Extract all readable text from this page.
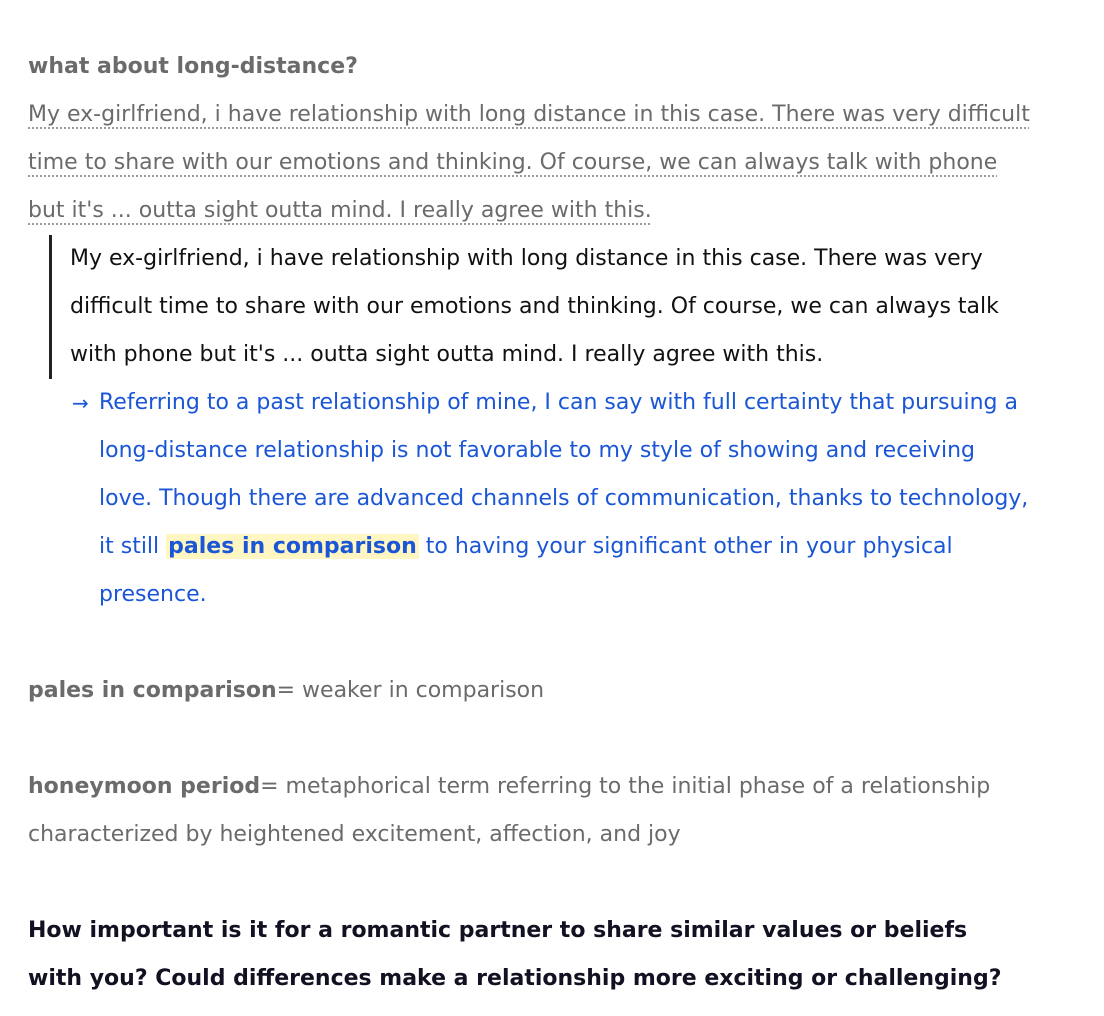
what about long-distance?

My ex-girlfriend, i have relationship with long distance in this case. There was very difficult time to share with our emotions and thinking. Of course, we can always talk with phone but it's ... outta sight outta mind. I really agree with this.

My ex-girlfriend, i have relationship with long distance in this case. There was very difficult time to share with our emotions and thinking. Of course, we can always talk with phone but it's ... outta sight outta mind. I really agree with this.
→ Referring to a past relationship of mine, I can say with full certainty that pursuing a long-distance relationship is not favorable to my style of showing and receiving love. Though there are advanced channels of communication, thanks to technology, it still pales in comparison to having your significant other in your physical presence.

pales in comparison= weaker in comparison

honeymoon period= metaphorical term referring to the initial phase of a relationship characterized by heightened excitement, affection, and joy

How important is it for a romantic partner to share similar values or beliefs with you? Could differences make a relationship more exciting or challenging?
